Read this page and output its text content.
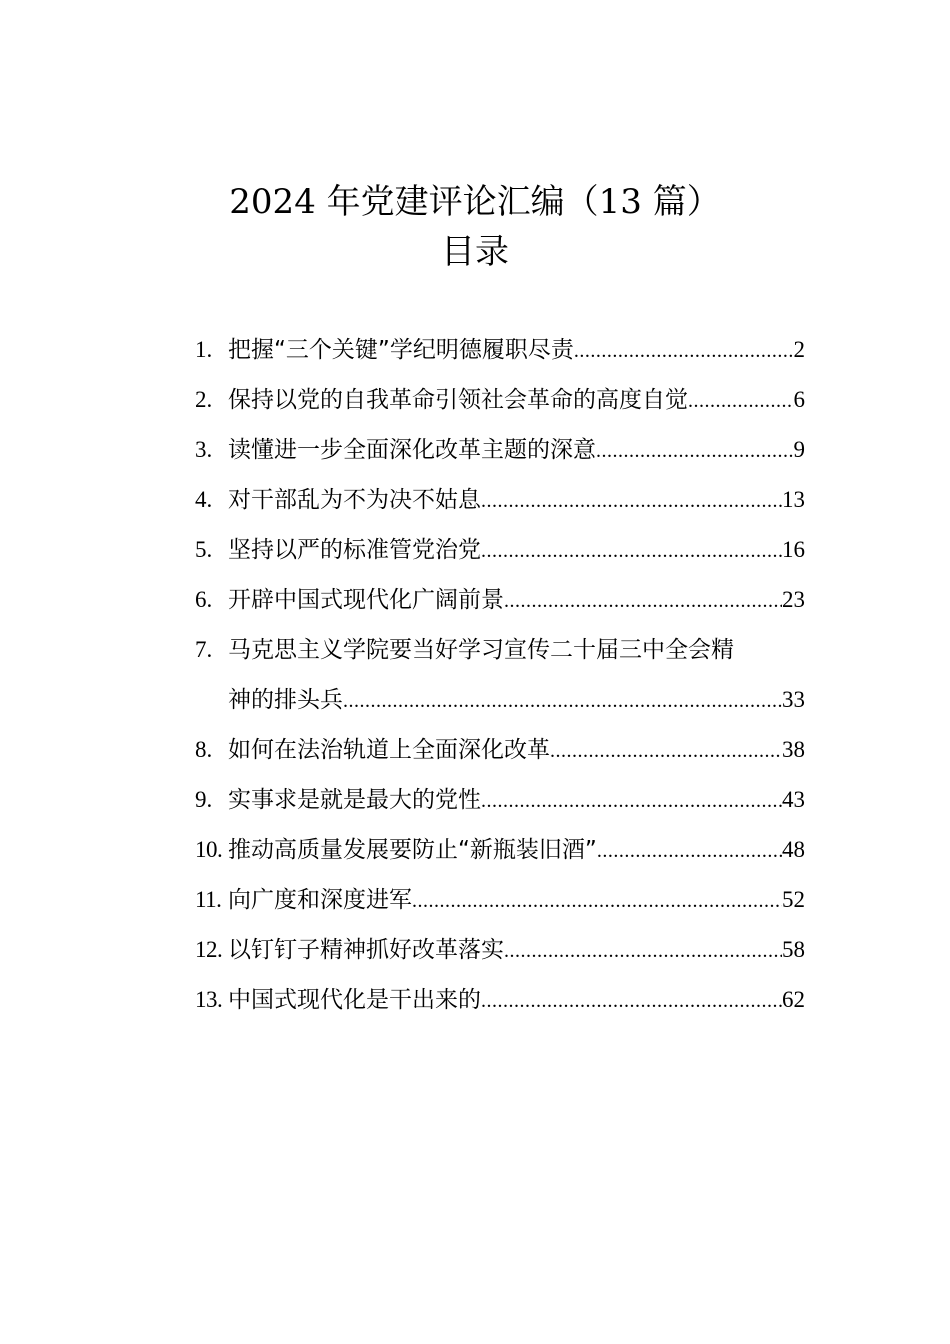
2024 年党建评论汇编（13 篇）
目录
1. 把握“三个关键”学纪明德履职尽责 .....	2
2. 保持以党的自我革命引领社会革命的高度自觉 .....	6
3. 读懂进一步全面深化改革主题的深意 .....	9
4. 对干部乱为不为决不姑息 .....	13
5. 坚持以严的标准管党治党 .....	16
6. 开辟中国式现代化广阔前景 .....	23
7. 马克思主义学院要当好学习宣传二十届三中全会精
神的排头兵 .....	33
8. 如何在法治轨道上全面深化改革 .....	38
9. 实事求是就是最大的党性 .....	43
10. 推动高质量发展要防止“新瓶装旧酒” .....	48
11. 向广度和深度进军 .....	52
12. 以钉钉子精神抓好改革落实 .....	58
13. 中国式现代化是干出来的 .....	62
